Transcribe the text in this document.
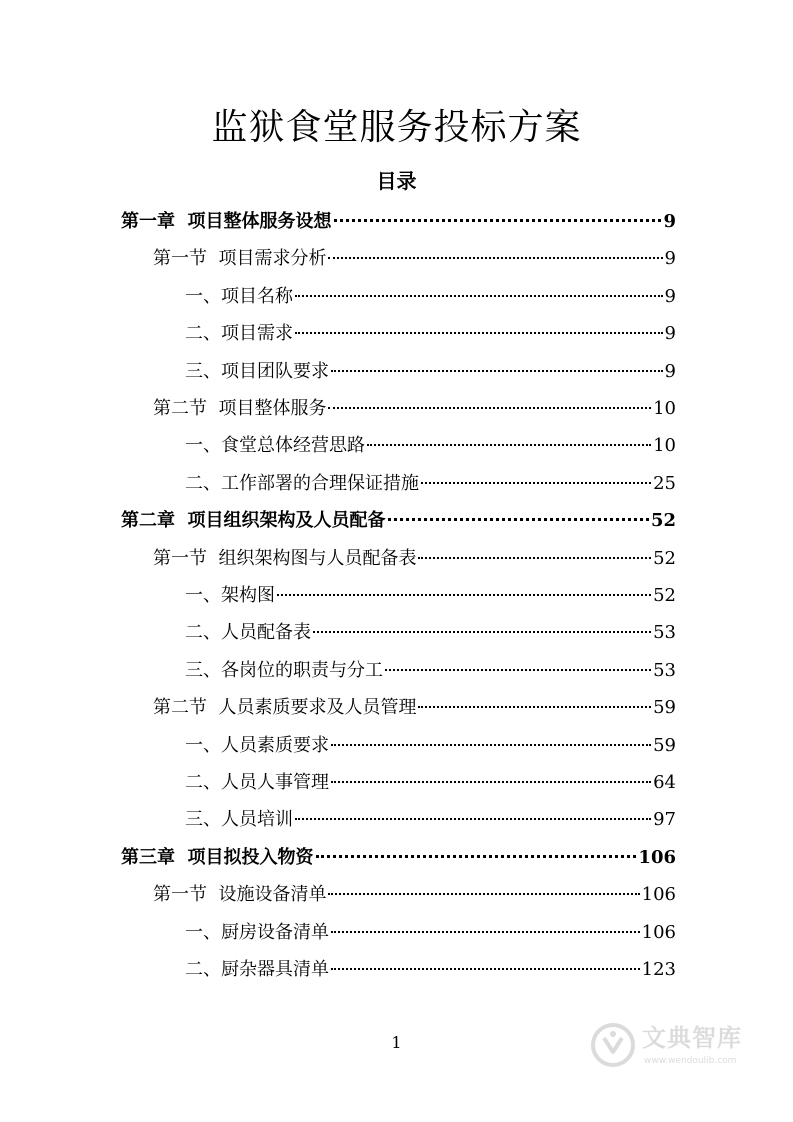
监狱食堂服务投标方案
目录
第一章  项目整体服务设想	9
第一节  项目需求分析	9
一、项目名称	9
二、项目需求	9
三、项目团队要求	9
第二节  项目整体服务	10
一、食堂总体经营思路	10
二、工作部署的合理保证措施	25
第二章  项目组织架构及人员配备	52
第一节  组织架构图与人员配备表	52
一、架构图	52
二、人员配备表	53
三、各岗位的职责与分工	53
第二节  人员素质要求及人员管理	59
一、人员素质要求	59
二、人员人事管理	64
三、人员培训	97
第三章  项目拟投入物资	106
第一节  设施设备清单	106
一、厨房设备清单	106
二、厨杂器具清单	123
1	文典智库
www.wendoulib.com
